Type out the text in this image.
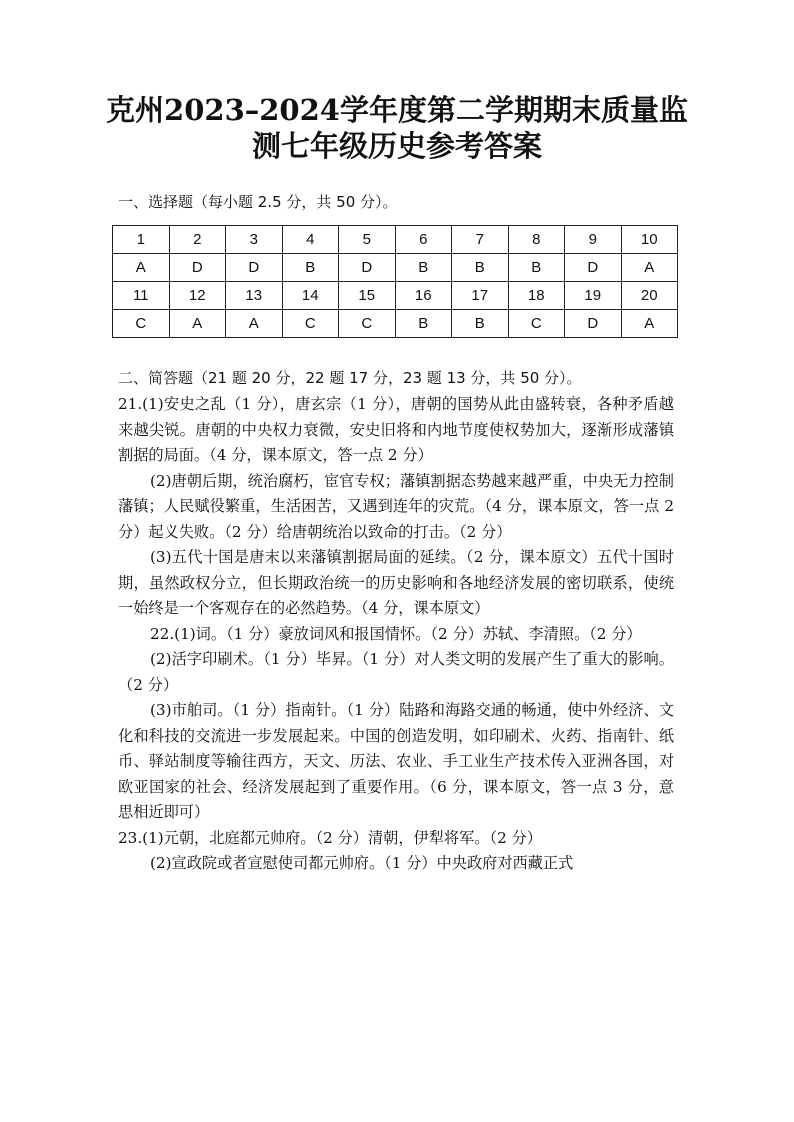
克州2023–2024学年度第二学期期末质量监
测七年级历史参考答案
一、选择题（每小题 2.5 分，共 50 分）。
1	2	3	4	5	6	7	8	9	10
A	D	D	B	D	B	B	B	D	A
11	12	13	14	15	16	17	18	19	20
C	A	A	C	C	B	B	C	D	A
二、简答题（21 题 20 分，22 题 17 分，23 题 13 分，共 50 分）。

21.(1)安史之乱（1 分），唐玄宗（1 分），唐朝的国势从此由盛转衰，各种矛盾越来越尖锐。唐朝的中央权力衰微，安史旧将和内地节度使权势加大，逐渐形成藩镇割据的局面。（4 分，课本原文，答一点 2 分）

(2)唐朝后期，统治腐朽，宦官专权；藩镇割据态势越来越严重，中央无力控制藩镇；人民赋役繁重，生活困苦，又遇到连年的灾荒。（4 分，课本原文，答一点 2 分）起义失败。（2 分）给唐朝统治以致命的打击。（2 分）

(3)五代十国是唐末以来藩镇割据局面的延续。（2 分，课本原文）五代十国时期，虽然政权分立，但长期政治统一的历史影响和各地经济发展的密切联系，使统一始终是一个客观存在的必然趋势。（4 分，课本原文）

22.(1)词。（1 分）豪放词风和报国情怀。（2 分）苏轼、李清照。（2 分）

(2)活字印刷术。（1 分）毕昇。（1 分）对人类文明的发展产生了重大的影响。（2 分）

(3)市舶司。（1 分）指南针。（1 分）陆路和海路交通的畅通，使中外经济、文化和科技的交流进一步发展起来。中国的创造发明，如印刷术、火药、指南针、纸币、驿站制度等输往西方，天文、历法、农业、手工业生产技术传入亚洲各国，对欧亚国家的社会、经济发展起到了重要作用。（6 分，课本原文，答一点 3 分，意思相近即可）

23.(1)元朝，北庭都元帅府。（2 分）清朝，伊犁将军。（2 分）

(2)宣政院或者宣慰使司都元帅府。（1 分）中央政府对西藏正式
